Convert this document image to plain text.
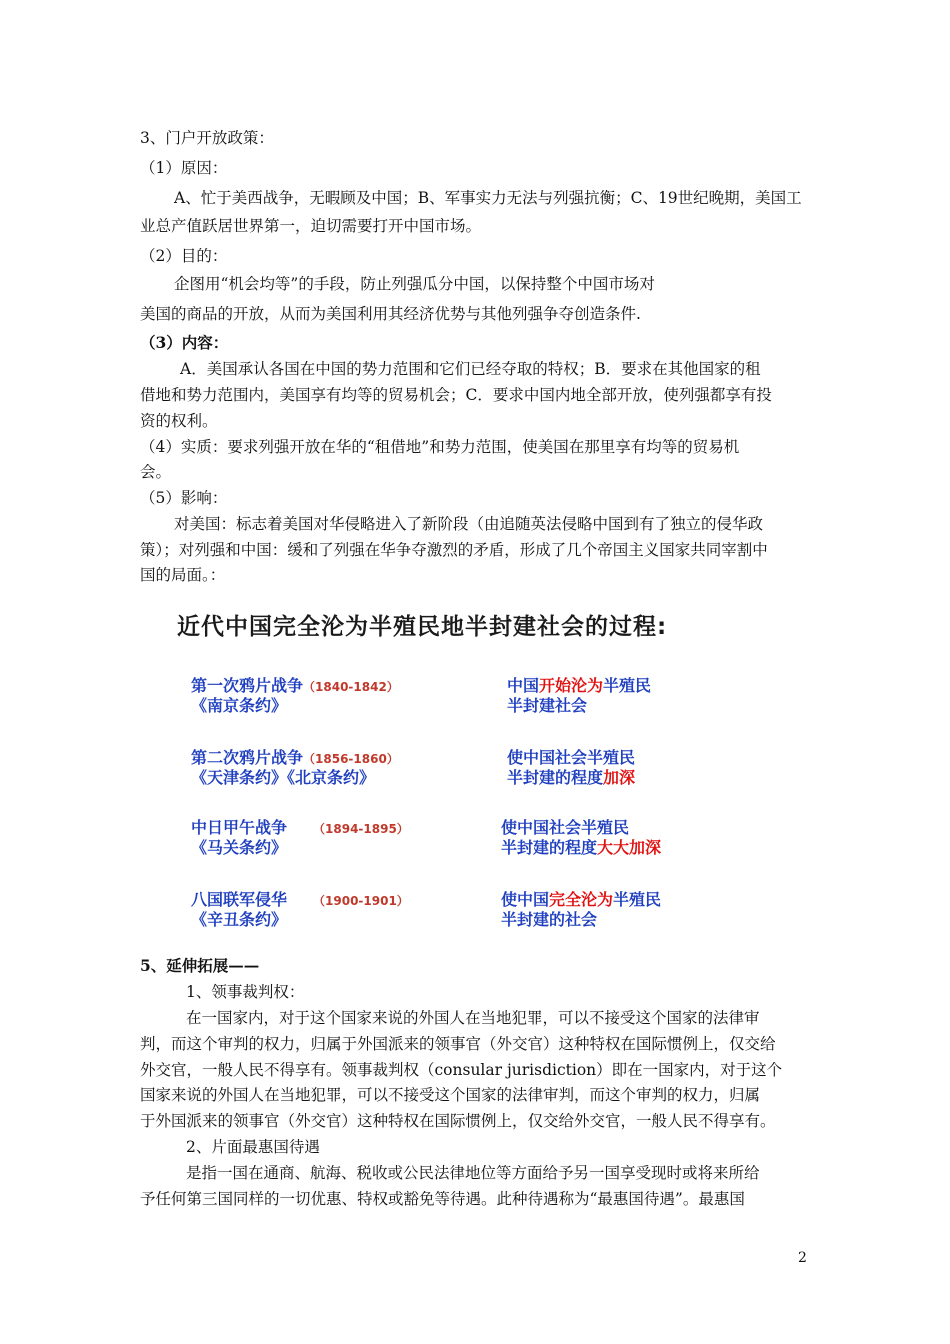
3、门户开放政策：
（1）原因：
A、忙于美西战争，无暇顾及中国；B、军事实力无法与列强抗衡；C、19世纪晚期，美国工
业总产值跃居世界第一，迫切需要打开中国市场。
（2）目的：
企图用“机会均等”的手段，防止列强瓜分中国，以保持整个中国市场对
美国的商品的开放，从而为美国利用其经济优势与其他列强争夺创造条件.
（3）内容：
A．美国承认各国在中国的势力范围和它们已经夺取的特权；B．要求在其他国家的租
借地和势力范围内，美国享有均等的贸易机会；C．要求中国内地全部开放，使列强都享有投
资的权利。
（4）实质：要求列强开放在华的“租借地”和势力范围，使美国在那里享有均等的贸易机
会。
（5）影响：
对美国：标志着美国对华侵略进入了新阶段（由追随英法侵略中国到有了独立的侵华政
策）；对列强和中国：缓和了列强在华争夺激烈的矛盾，形成了几个帝国主义国家共同宰割中
国的局面。：
近代中国完全沦为半殖民地半封建社会的过程:
第一次鸦片战争（1840-1842）
《南京条约》
中国开始沦为半殖民
半封建社会
第二次鸦片战争（1856-1860）
《天津条约》《北京条约》
使中国社会半殖民
半封建的程度加深
中日甲午战争 （1894-1895）
《马关条约》
使中国社会半殖民
半封建的程度大大加深
八国联军侵华 （1900-1901）
《辛丑条约》
使中国完全沦为半殖民
半封建的社会
5、延伸拓展——
1、领事裁判权：
在一国家内，对于这个国家来说的外国人在当地犯罪，可以不接受这个国家的法律审
判，而这个审判的权力，归属于外国派来的领事官（外交官）这种特权在国际惯例上，仅交给
外交官，一般人民不得享有。领事裁判权（consular jurisdiction）即在一国家内，对于这个
国家来说的外国人在当地犯罪，可以不接受这个国家的法律审判，而这个审判的权力，归属
于外国派来的领事官（外交官）这种特权在国际惯例上，仅交给外交官，一般人民不得享有。
2、片面最惠国待遇
是指一国在通商、航海、税收或公民法律地位等方面给予另一国享受现时或将来所给
予任何第三国同样的一切优惠、特权或豁免等待遇。此种待遇称为“最惠国待遇”。最惠国
2
